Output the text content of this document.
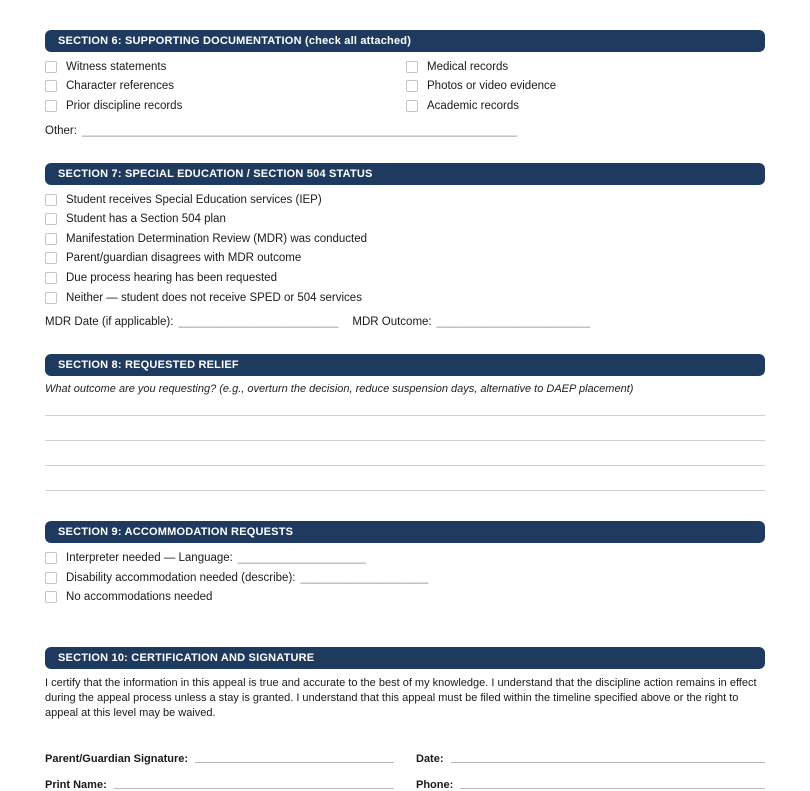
SECTION 6: SUPPORTING DOCUMENTATION (check all attached)
Witness statements
Character references
Prior discipline records
Medical records
Photos or video evidence
Academic records
Other: ____________________________________________________________________
SECTION 7: SPECIAL EDUCATION / SECTION 504 STATUS
Student receives Special Education services (IEP)
Student has a Section 504 plan
Manifestation Determination Review (MDR) was conducted
Parent/guardian disagrees with MDR outcome
Due process hearing has been requested
Neither — student does not receive SPED or 504 services
MDR Date (if applicable): _________________________ MDR Outcome: ________________________
SECTION 8: REQUESTED RELIEF
What outcome are you requesting? (e.g., overturn the decision, reduce suspension days, alternative to DAEP placement)
SECTION 9: ACCOMMODATION REQUESTS
Interpreter needed — Language: ____________________
Disability accommodation needed (describe): ____________________
No accommodations needed
SECTION 10: CERTIFICATION AND SIGNATURE
I certify that the information in this appeal is true and accurate to the best of my knowledge. I understand that the discipline action remains in effect during the appeal process unless a stay is granted. I understand that this appeal must be filed within the timeline specified above or the right to appeal at this level may be waived.
Parent/Guardian Signature:	Date:
Print Name:	Phone:
